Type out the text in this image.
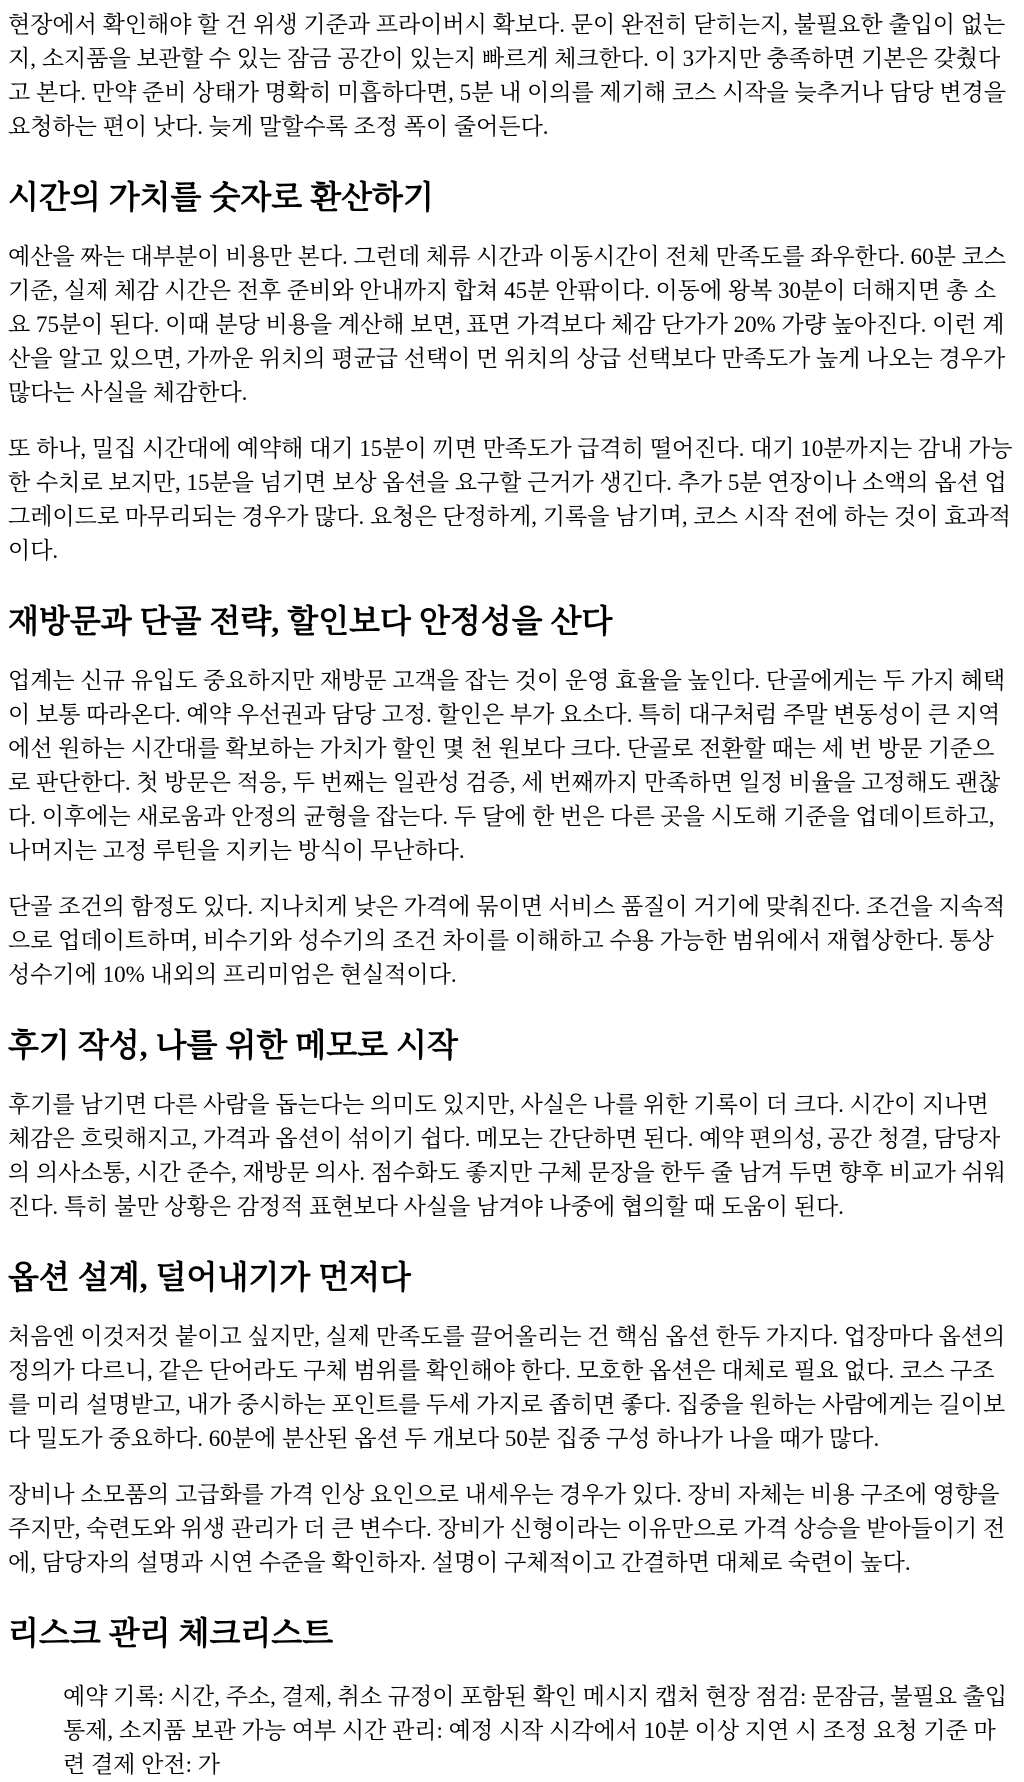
현장에서 확인해야 할 건 위생 기준과 프라이버시 확보다. 문이 완전히 닫히는지, 불필요한 출입이 없는지, 소지품을 보관할 수 있는 잠금 공간이 있는지 빠르게 체크한다. 이 3가지만 충족하면 기본은 갖췄다고 본다. 만약 준비 상태가 명확히 미흡하다면, 5분 내 이의를 제기해 코스 시작을 늦추거나 담당 변경을 요청하는 편이 낫다. 늦게 말할수록 조정 폭이 줄어든다.

시간의 가치를 숫자로 환산하기

예산을 짜는 대부분이 비용만 본다. 그런데 체류 시간과 이동시간이 전체 만족도를 좌우한다. 60분 코스 기준, 실제 체감 시간은 전후 준비와 안내까지 합쳐 45분 안팎이다. 이동에 왕복 30분이 더해지면 총 소요 75분이 된다. 이때 분당 비용을 계산해 보면, 표면 가격보다 체감 단가가 20% 가량 높아진다. 이런 계산을 알고 있으면, 가까운 위치의 평균급 선택이 먼 위치의 상급 선택보다 만족도가 높게 나오는 경우가 많다는 사실을 체감한다.

또 하나, 밀집 시간대에 예약해 대기 15분이 끼면 만족도가 급격히 떨어진다. 대기 10분까지는 감내 가능한 수치로 보지만, 15분을 넘기면 보상 옵션을 요구할 근거가 생긴다. 추가 5분 연장이나 소액의 옵션 업그레이드로 마무리되는 경우가 많다. 요청은 단정하게, 기록을 남기며, 코스 시작 전에 하는 것이 효과적이다.

재방문과 단골 전략, 할인보다 안정성을 산다

업계는 신규 유입도 중요하지만 재방문 고객을 잡는 것이 운영 효율을 높인다. 단골에게는 두 가지 혜택이 보통 따라온다. 예약 우선권과 담당 고정. 할인은 부가 요소다. 특히 대구처럼 주말 변동성이 큰 지역에선 원하는 시간대를 확보하는 가치가 할인 몇 천 원보다 크다. 단골로 전환할 때는 세 번 방문 기준으로 판단한다. 첫 방문은 적응, 두 번째는 일관성 검증, 세 번째까지 만족하면 일정 비율을 고정해도 괜찮다. 이후에는 새로움과 안정의 균형을 잡는다. 두 달에 한 번은 다른 곳을 시도해 기준을 업데이트하고, 나머지는 고정 루틴을 지키는 방식이 무난하다.

단골 조건의 함정도 있다. 지나치게 낮은 가격에 묶이면 서비스 품질이 거기에 맞춰진다. 조건을 지속적으로 업데이트하며, 비수기와 성수기의 조건 차이를 이해하고 수용 가능한 범위에서 재협상한다. 통상 성수기에 10% 내외의 프리미엄은 현실적이다.

후기 작성, 나를 위한 메모로 시작

후기를 남기면 다른 사람을 돕는다는 의미도 있지만, 사실은 나를 위한 기록이 더 크다. 시간이 지나면 체감은 흐릿해지고, 가격과 옵션이 섞이기 쉽다. 메모는 간단하면 된다. 예약 편의성, 공간 청결, 담당자의 의사소통, 시간 준수, 재방문 의사. 점수화도 좋지만 구체 문장을 한두 줄 남겨 두면 향후 비교가 쉬워진다. 특히 불만 상황은 감정적 표현보다 사실을 남겨야 나중에 협의할 때 도움이 된다.

옵션 설계, 덜어내기가 먼저다

처음엔 이것저것 붙이고 싶지만, 실제 만족도를 끌어올리는 건 핵심 옵션 한두 가지다. 업장마다 옵션의 정의가 다르니, 같은 단어라도 구체 범위를 확인해야 한다. 모호한 옵션은 대체로 필요 없다. 코스 구조를 미리 설명받고, 내가 중시하는 포인트를 두세 가지로 좁히면 좋다. 집중을 원하는 사람에게는 길이보다 밀도가 중요하다. 60분에 분산된 옵션 두 개보다 50분 집중 구성 하나가 나을 때가 많다.

장비나 소모품의 고급화를 가격 인상 요인으로 내세우는 경우가 있다. 장비 자체는 비용 구조에 영향을 주지만, 숙련도와 위생 관리가 더 큰 변수다. 장비가 신형이라는 이유만으로 가격 상승을 받아들이기 전에, 담당자의 설명과 시연 수준을 확인하자. 설명이 구체적이고 간결하면 대체로 숙련이 높다.

리스크 관리 체크리스트
예약 기록: 시간, 주소, 결제, 취소 규정이 포함된 확인 메시지 캡처 현장 점검: 문잠금, 불필요 출입 통제, 소지품 보관 가능 여부 시간 관리: 예정 시작 시각에서 10분 이상 지연 시 조정 요청 기준 마련 결제 안전: 가
